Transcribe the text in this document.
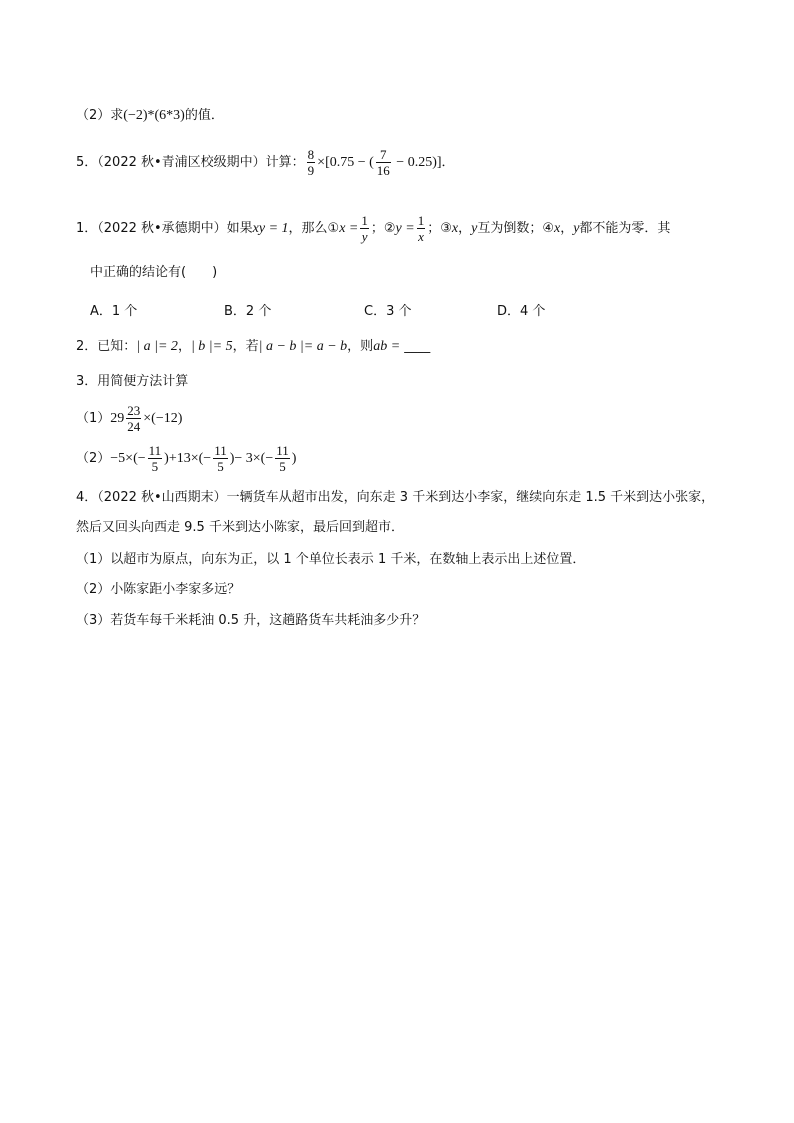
（2）求(−2)*(6*3)的值．
5．（2022 秋•青浦区校级期中）计算： $\frac{8}{9} \times[0.75$ − ( $\frac{7}{16} - 0.25$)]．
1．（2022 秋•承德期中）如果xy = 1，那么①x = $\frac{1}{y}$ ；②y = $\frac{1}{x}$ ；③x，y互为倒数；④x，y都不能为零．其
中正确的结论有(　　)
A．1 个	B．2 个	C．3 个	D．4 个
2．已知：| a |= 2，| b |= 5，若| a − b |= a − b，则ab = ____
3．用简便方法计算
$(1)29 \frac{23}{24} \times(-12)$
$(2)-5\times(- \frac{11}{5} )+13\times(- \frac{11}{5}$ )− $3\times(- \frac{11}{5}$ )
4．（2022 秋•山西期末）一辆货车从超市出发，向东走 3 千米到达小李家，继续向东走 1.5 千米到达小张家，
然后又回头向西走 9.5 千米到达小陈家，最后回到超市．
（1）以超市为原点，向东为正，以 1 个单位长表示 1 千米，在数轴上表示出上述位置．
（2）小陈家距小李家多远？
（3）若货车每千米耗油 0.5 升，这趟路货车共耗油多少升？
